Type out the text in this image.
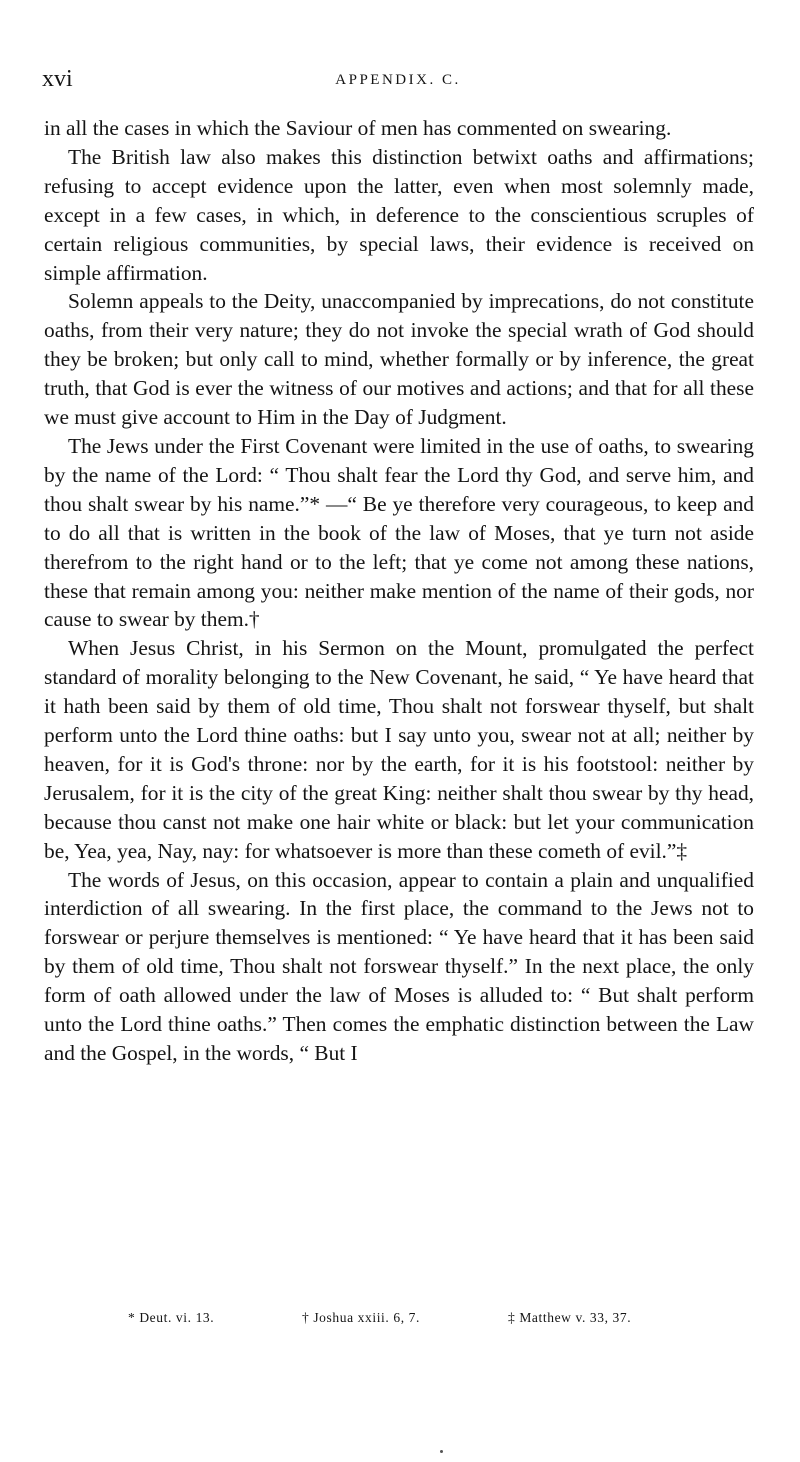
xvi	APPENDIX. C.

in all the cases in which the Saviour of men has commented on swearing.

The British law also makes this distinction betwixt oaths and affirmations; refusing to accept evidence upon the latter, even when most solemnly made, except in a few cases, in which, in deference to the conscientious scruples of certain religious communities, by special laws, their evidence is received on simple affirmation.

Solemn appeals to the Deity, unaccompanied by imprecations, do not constitute oaths, from their very nature; they do not invoke the special wrath of God should they be broken; but only call to mind, whether formally or by inference, the great truth, that God is ever the witness of our motives and actions; and that for all these we must give account to Him in the Day of Judgment.

The Jews under the First Covenant were limited in the use of oaths, to swearing by the name of the Lord: “ Thou shalt fear the Lord thy God, and serve him, and thou shalt swear by his name.”* —“ Be ye therefore very courageous, to keep and to do all that is written in the book of the law of Moses, that ye turn not aside therefrom to the right hand or to the left; that ye come not among these nations, these that remain among you: neither make mention of the name of their gods, nor cause to swear by them.†

When Jesus Christ, in his Sermon on the Mount, promulgated the perfect standard of morality belonging to the New Covenant, he said, “ Ye have heard that it hath been said by them of old time, Thou shalt not forswear thyself, but shalt perform unto the Lord thine oaths: but I say unto you, swear not at all; neither by heaven, for it is God's throne: nor by the earth, for it is his footstool: neither by Jerusalem, for it is the city of the great King: neither shalt thou swear by thy head, because thou canst not make one hair white or black: but let your communication be, Yea, yea, Nay, nay: for whatsoever is more than these cometh of evil.”‡

The words of Jesus, on this occasion, appear to contain a plain and unqualified interdiction of all swearing. In the first place, the command to the Jews not to forswear or perjure themselves is mentioned: “ Ye have heard that it has been said by them of old time, Thou shalt not forswear thyself.” In the next place, the only form of oath allowed under the law of Moses is alluded to: “ But shalt perform unto the Lord thine oaths.” Then comes the emphatic distinction between the Law and the Gospel, in the words, “ But I

* Deut. vi. 13.	† Joshua xxiii. 6, 7.	‡ Matthew v. 33, 37.
